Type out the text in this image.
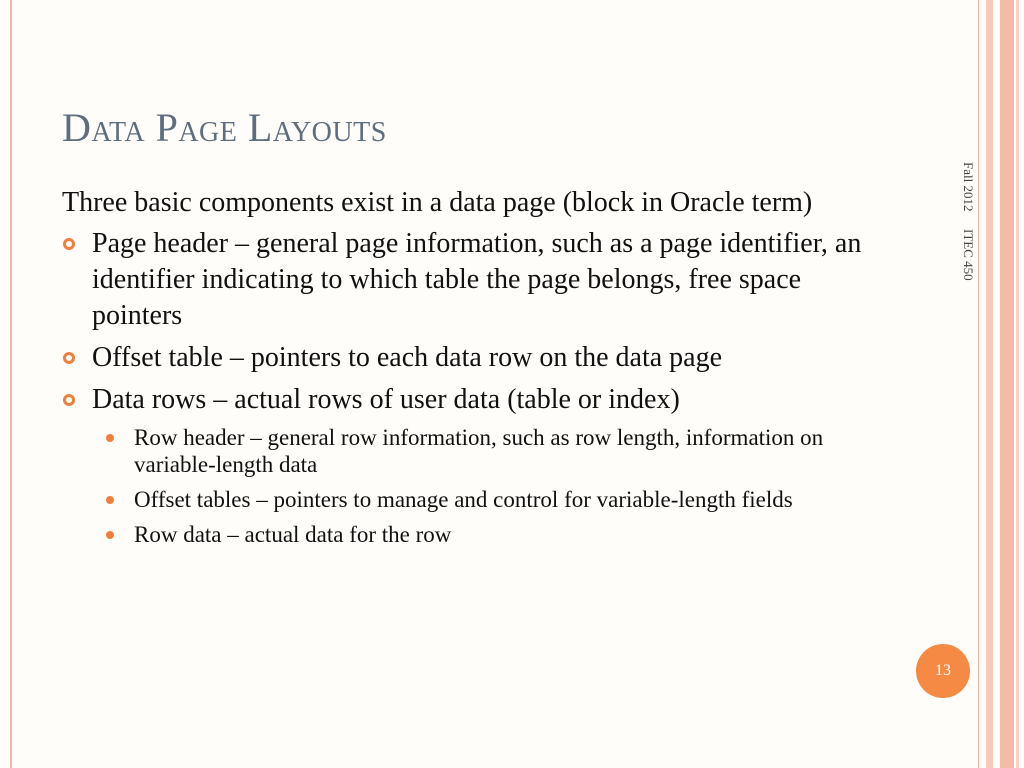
Data Page Layouts
Fall 2012ITEC 450

Three basic components exist in a data page (block in Oracle term)

Page header – general page information, such as a page identifier, an identifier indicating to which table the page belongs, free space pointers
Offset table – pointers to each data row on the data page
Data rows – actual rows of user data (table or index)
Row header – general row information, such as row length, information on variable-length data
Offset tables – pointers to manage and control for variable-length fields
Row data – actual data for the row
13
